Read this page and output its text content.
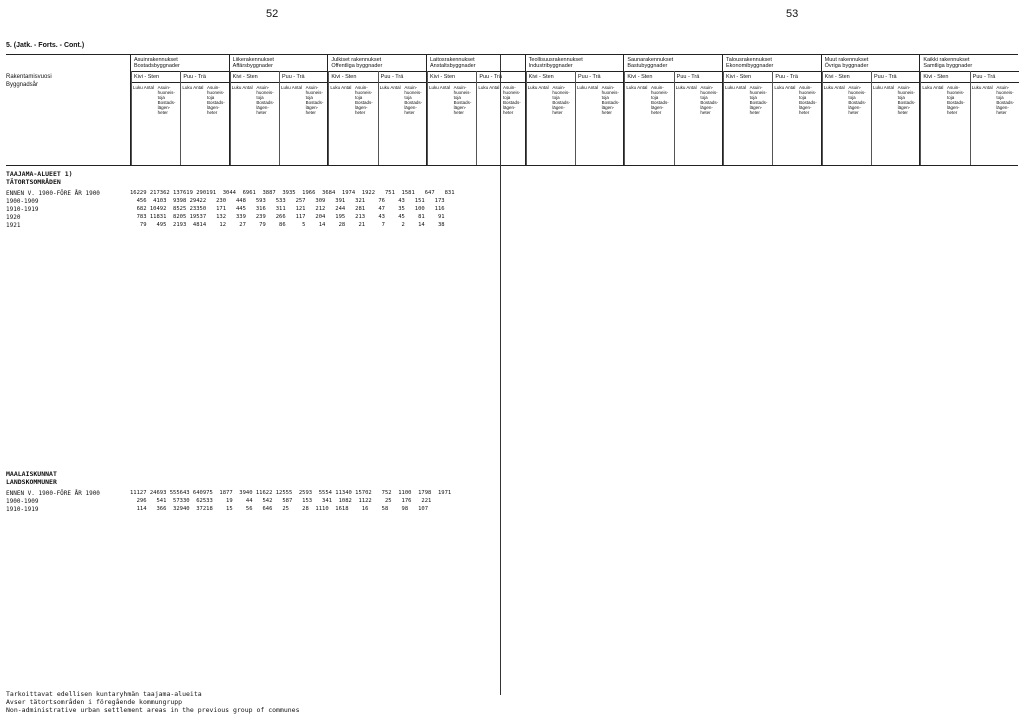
52	53
5. (Jatk. - Forts. - Cont.)
Rakentamisvuosi
Byggnadsår
Asuinrakennukset
Bostadsbyggnader
Kivi - Sten
Luku Antal Asuin-huoneis-toja Bostads-lägen-heter
Puu - Trä
Luku Antal Asuin-huoneis-toja Bostads-lägen-heter
Liikerakennukset
Affärsbyggnader
Kivi - Sten
Luku Antal Asuin-huoneis-toja Bostads-lägen-heter
Puu - Trä
Luku Antal Asuin-huoneis-toja Bostads-lägen-heter
Julkiset rakennukset
Offentliga byggnader
Kivi - Sten
Luku Antal Asuin-huoneis-toja Bostads-lägen-heter
Puu - Trä
Luku Antal Asuin-huoneis-toja Bostads-lägen-heter
Laitosrakennukset
Anstaltsbyggnader
Kivi - Sten
Luku Antal Asuin-huoneis-toja Bostads-lägen-heter
Puu - Trä
Luku Antal Asuin-huoneis-toja Bostads-lägen-heter
Teollisuusrakennukset
Industribyggnader
Kivi - Sten
Luku Antal Asuin-huoneis-toja Bostads-lägen-heter
Puu - Trä
Luku Antal Asuin-huoneis-toja Bostads-lägen-heter
Saunarakennukset
Bastubyggnader
Kivi - Sten
Luku Antal Asuin-huoneis-toja Bostads-lägen-heter
Puu - Trä
Luku Antal Asuin-huoneis-toja Bostads-lägen-heter
Talousrakennukset
Ekonomibyggnader
Kivi - Sten
Luku Antal Asuin-huoneis-toja Bostads-lägen-heter
Puu - Trä
Luku Antal Asuin-huoneis-toja Bostads-lägen-heter
Muut rakennukset
Övriga byggnader
Kivi - Sten
Luku Antal Asuin-huoneis-toja Bostads-lägen-heter
Puu - Trä
Luku Antal Asuin-huoneis-toja Bostads-lägen-heter
Kaikki rakennukset
Samtliga byggnader
Kivi - Sten
Luku Antal Asuin-huoneis-toja Bostads-lägen-heter
Puu - Trä
Luku Antal Asuin-huoneis-toja Bostads-lägen-heter
TAAJAMA-ALUEET 1)
TÄTORTSOMRÅDEN
ENNEN V. 1900-FÖRE ÅR 1900	16229 217362 137619 290191  3044  6961  3887  3935  1966  3684  1974  1922   751  1581   647   831
1900-1909	456  4103  9398 29422   230   448   593   533   257   309   391   321    76    43   151   173
1910-1919	682 10492  8525 23350   171   445   316   311   121   212   244   281    47    35   100   116
1920	783 11831  8205 19537   132   339   239   266   117   204   195   213    43    45    81    91
1921	79   495  2193  4814    12    27    79    86     5    14    28    21     7     2    14    38
MAALAISKUNNAT
LANDSKOMMUNER
ENNEN V. 1900-FÖRE ÅR 1900	11127 24693 555643 640975  1877  3940 11622 12555  2593  5554 11340 15702   752  1100  1798  1971
1900-1909	296   541  57330  62533    19    44   542   587   153   341  1082  1122    25   176   221
1910-1919	114   366  32940  37218    15    56   646   25    28  1110  1618    16    58    98   107
Tarkoittavat edellisen kuntaryhmän taajama-alueita
Avser tätortsområden i föregående kommungrupp
Non-administrative urban settlement areas in the previous group of communes
